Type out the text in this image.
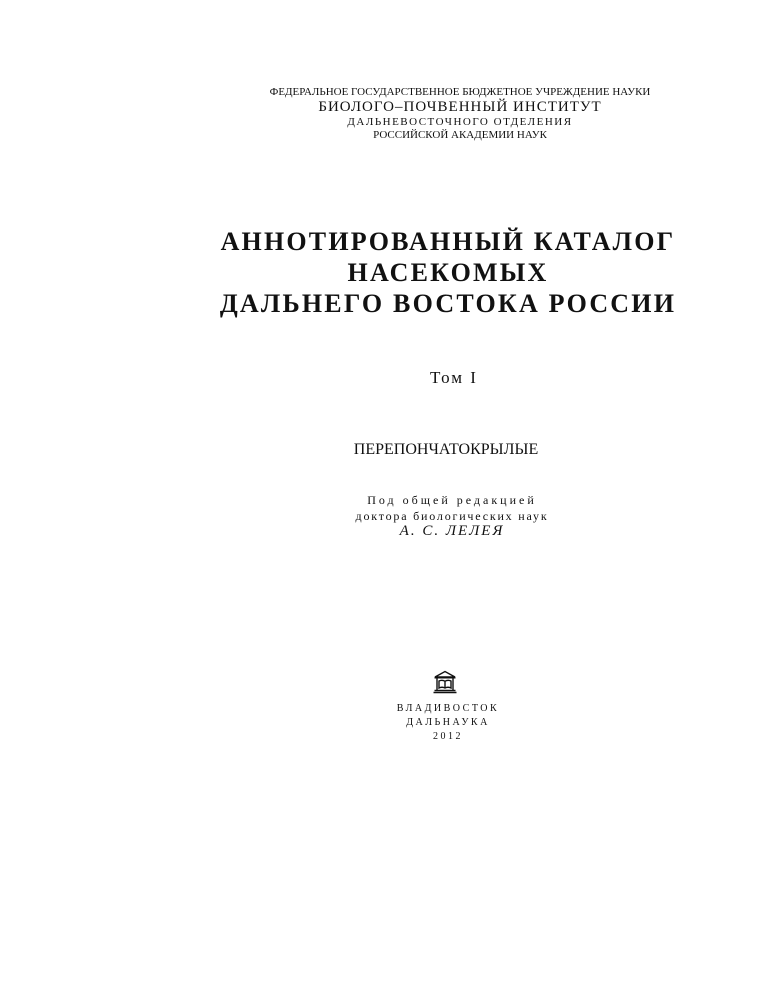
ФЕДЕРАЛЬНОЕ ГОСУДАРСТВЕННОЕ БЮДЖЕТНОЕ УЧРЕЖДЕНИЕ НАУКИ
БИОЛОГО–ПОЧВЕННЫЙ ИНСТИТУТ
ДАЛЬНЕВОСТОЧНОГО ОТДЕЛЕНИЯ
РОССИЙСКОЙ АКАДЕМИИ НАУК
АННОТИРОВАННЫЙ КАТАЛОГ
НАСЕКОМЫХ
ДАЛЬНЕГО ВОСТОКА РОССИИ
Том I
ПЕРЕПОНЧАТОКРЫЛЫЕ
Под общей редакцией
доктора биологических наук
А. С. ЛЕЛЕЯ
ВЛАДИВОСТОК
ДАЛЬНАУКА
2012
